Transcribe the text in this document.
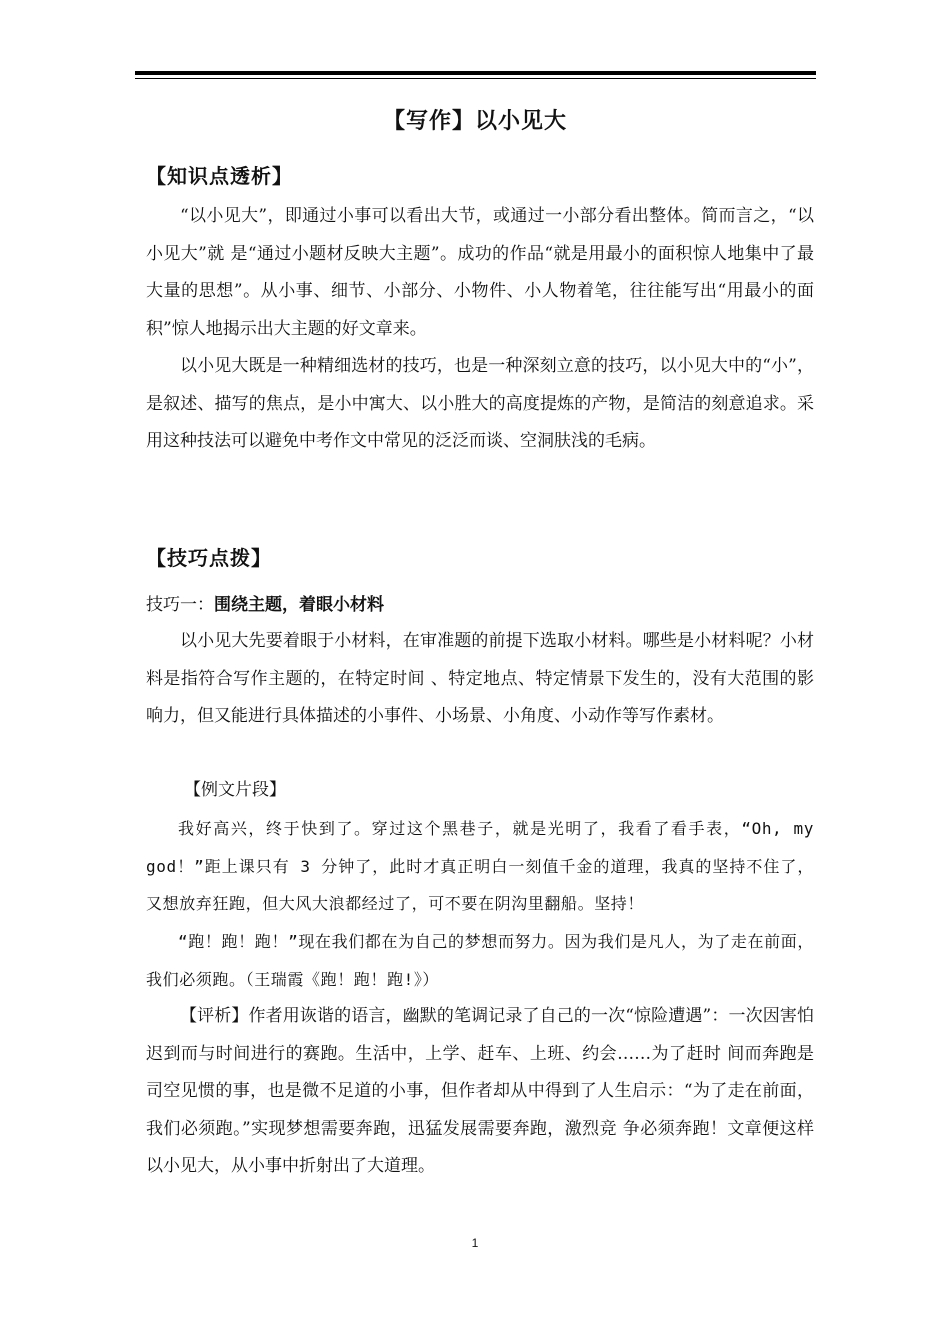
【写作】以小见大
【知识点透析】

“以小见大”，即通过小事可以看出大节，或通过一小部分看出整体。简而言之，“以小见大”就 是“通过小题材反映大主题”。成功的作品“就是用最小的面积惊人地集中了最大量的思想”。从小事、细节、小部分、小物件、小人物着笔，往往能写出“用最小的面积”惊人地揭示出大主题的好文章来。

以小见大既是一种精细选材的技巧，也是一种深刻立意的技巧，以小见大中的“小”，是叙述、描写的焦点，是小中寓大、以小胜大的高度提炼的产物，是简洁的刻意追求。采用这种技法可以避免中考作文中常见的泛泛而谈、空洞肤浅的毛病。

【技巧点拨】
技巧一：围绕主题，着眼小材料

以小见大先要着眼于小材料，在审准题的前提下选取小材料。哪些是小材料呢？小材料是指符合写作主题的，在特定时间 、特定地点、特定情景下发生的，没有大范围的影响力，但又能进行具体描述的小事件、小场景、小角度、小动作等写作素材。

【例文片段】

我好高兴，终于快到了。穿过这个黑巷子，就是光明了，我看了看手表，“Oh, my god！”距上课只有 3 分钟了，此时才真正明白一刻值千金的道理，我真的坚持不住了，又想放弃狂跑，但大风大浪都经过了，可不要在阴沟里翻船。坚持！

“跑！跑！跑！”现在我们都在为自己的梦想而努力。因为我们是凡人，为了走在前面，我们必须跑。（王瑞霞《跑！跑！跑!》）

【评析】作者用诙谐的语言，幽默的笔调记录了自己的一次“惊险遭遇”：一次因害怕迟到而与时间进行的赛跑。生活中，上学、赶车、上班、约会……为了赶时 间而奔跑是司空见惯的事，也是微不足道的小事，但作者却从中得到了人生启示：“为了走在前面，我们必须跑。”实现梦想需要奔跑，迅猛发展需要奔跑，激烈竞 争必须奔跑！文章便这样以小见大，从小事中折射出了大道理。

1
